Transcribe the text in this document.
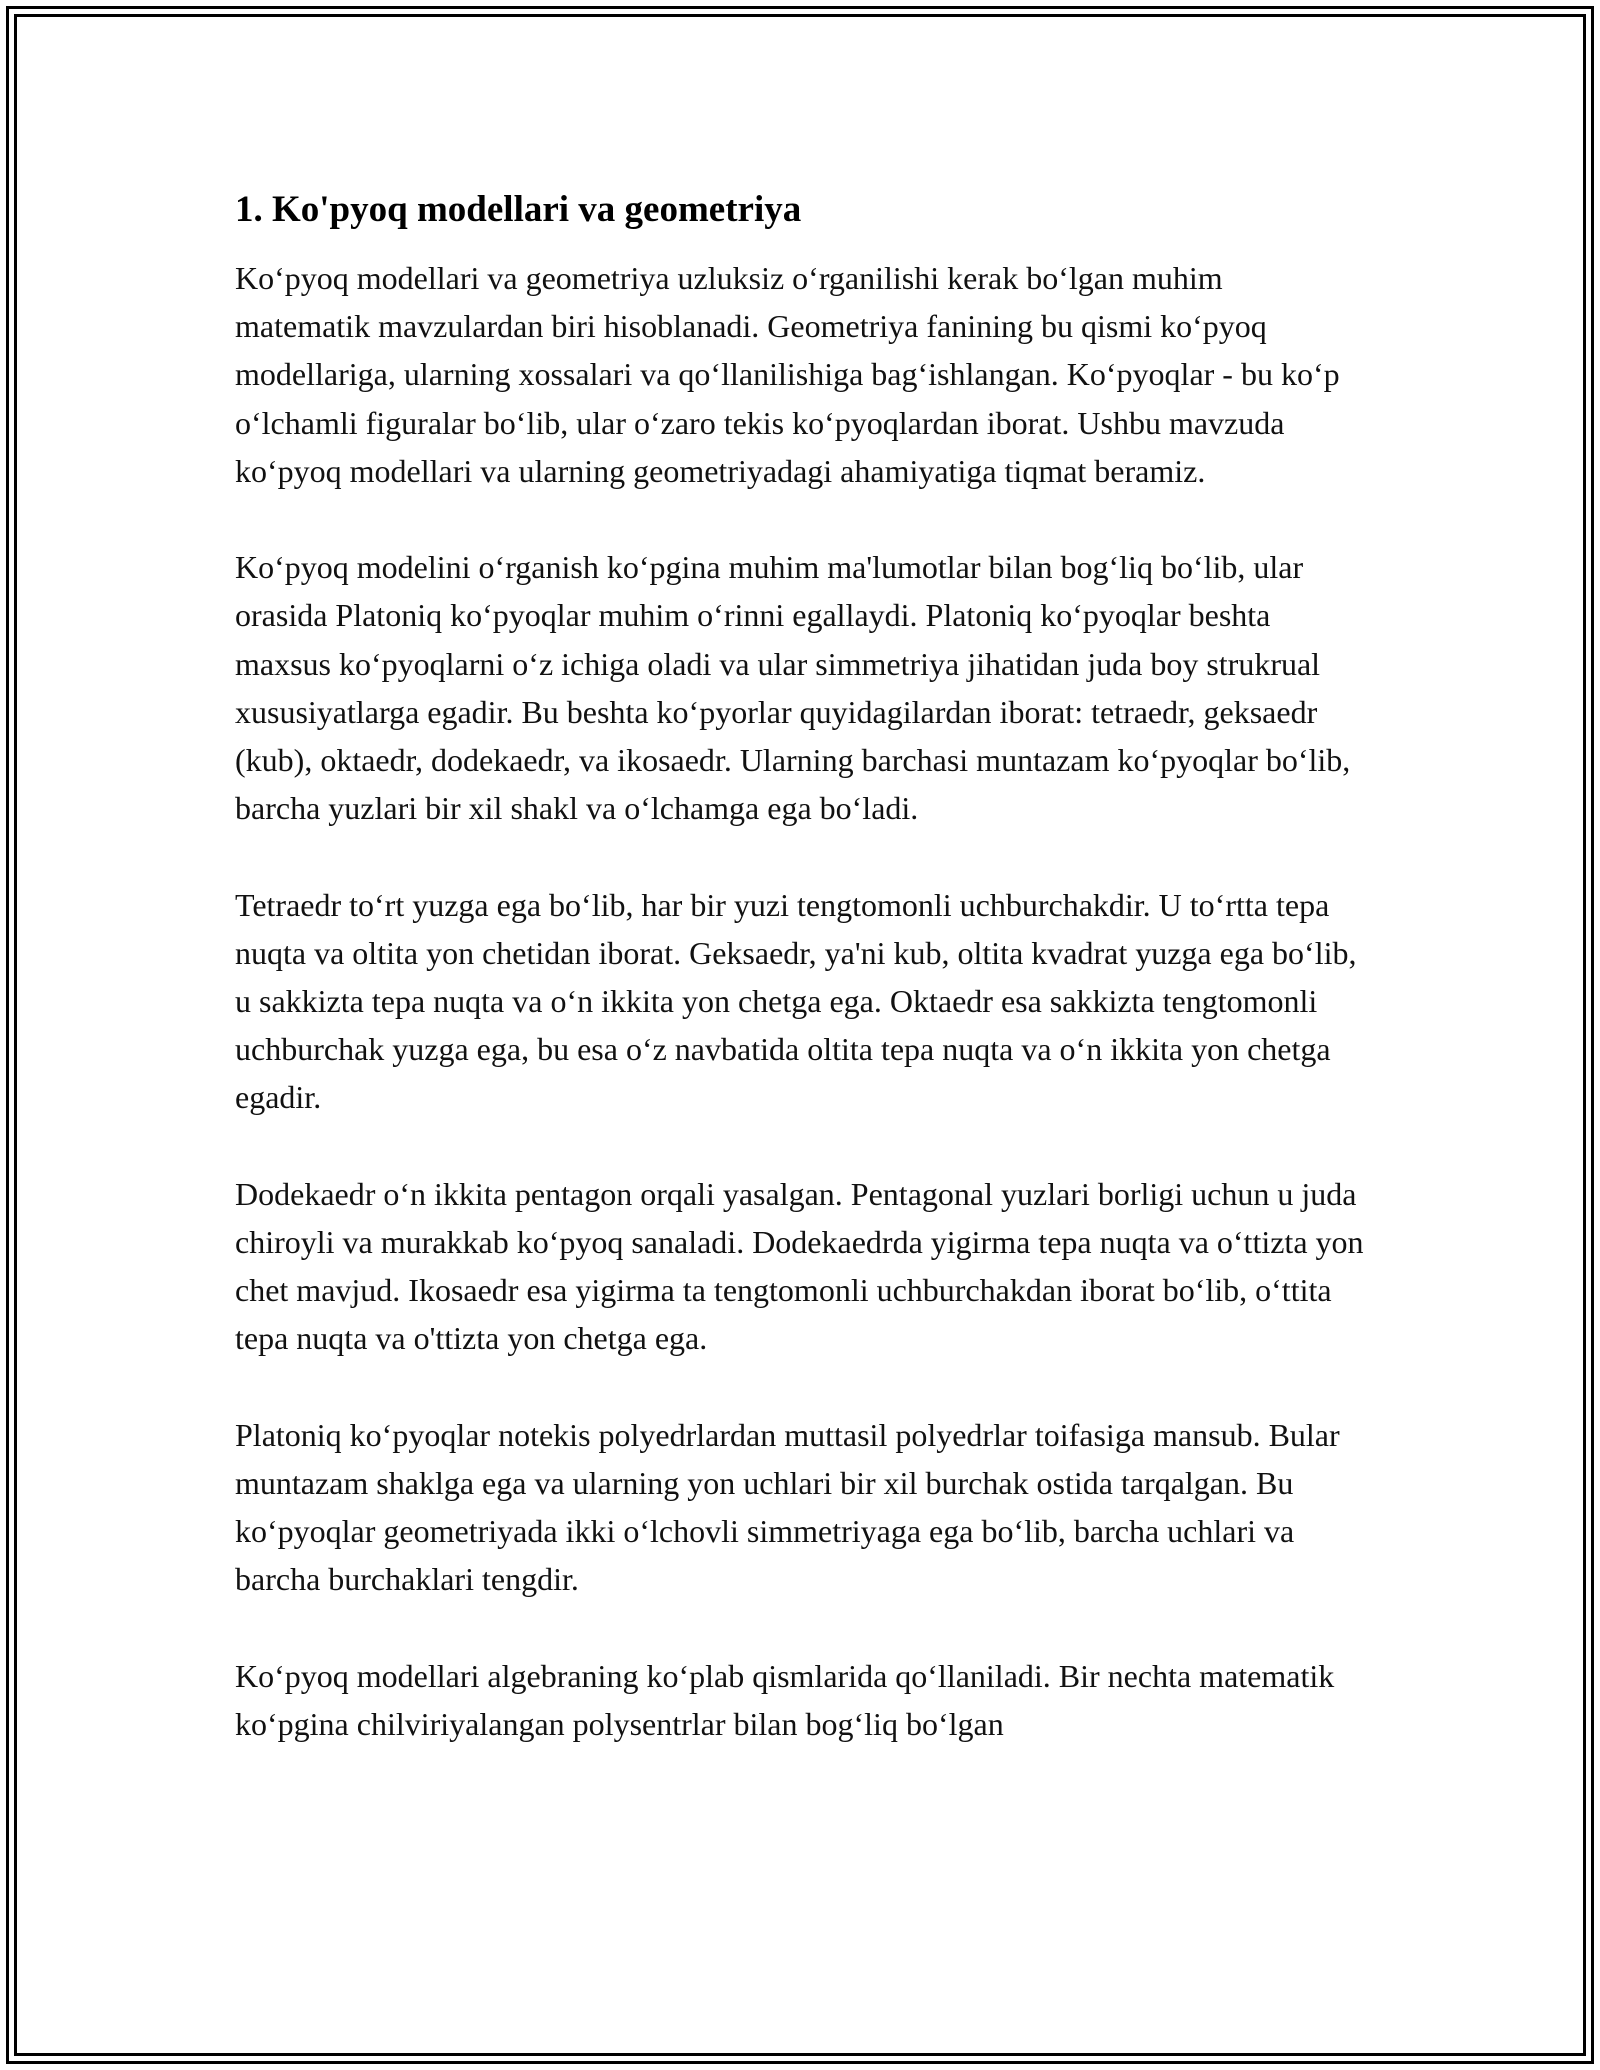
1. Ko'pyoq modellari va geometriya

Koʻpyoq modellari va geometriya uzluksiz oʻrganilishi kerak boʻlgan muhim matematik mavzulardan biri hisoblanadi. Geometriya fanining bu qismi koʻpyoq modellariga, ularning xossalari va qoʻllanilishiga bagʻishlangan. Koʻpyoqlar - bu koʻp oʻlchamli figuralar boʻlib, ular oʻzaro tekis koʻpyoqlardan iborat. Ushbu mavzuda koʻpyoq modellari va ularning geometriyadagi ahamiyatiga tiqmat beramiz.

Koʻpyoq modelini oʻrganish koʻpgina muhim ma'lumotlar bilan bogʻliq boʻlib, ular orasida Platoniq koʻpyoqlar muhim oʻrinni egallaydi. Platoniq koʻpyoqlar beshta maxsus koʻpyoqlarni oʻz ichiga oladi va ular simmetriya jihatidan juda boy strukrual xususiyatlarga egadir. Bu beshta koʻpyorlar quyidagilardan iborat: tetraedr, geksaedr (kub), oktaedr, dodekaedr, va ikosaedr. Ularning barchasi muntazam koʻpyoqlar boʻlib, barcha yuzlari bir xil shakl va oʻlchamga ega boʻladi.

Tetraedr toʻrt yuzga ega boʻlib, har bir yuzi tengtomonli uchburchakdir. U toʻrtta tepa nuqta va oltita yon chetidan iborat. Geksaedr, ya'ni kub, oltita kvadrat yuzga ega boʻlib, u sakkizta tepa nuqta va oʻn ikkita yon chetga ega. Oktaedr esa sakkizta tengtomonli uchburchak yuzga ega, bu esa oʻz navbatida oltita tepa nuqta va oʻn ikkita yon chetga egadir.

Dodekaedr oʻn ikkita pentagon orqali yasalgan. Pentagonal yuzlari borligi uchun u juda chiroyli va murakkab koʻpyoq sanaladi. Dodekaedrda yigirma tepa nuqta va oʻttizta yon chet mavjud. Ikosaedr esa yigirma ta tengtomonli uchburchakdan iborat boʻlib, oʻttita tepa nuqta va o'ttizta yon chetga ega.

Platoniq koʻpyoqlar notekis polyedrlardan muttasil polyedrlar toifasiga mansub. Bular muntazam shaklga ega va ularning yon uchlari bir xil burchak ostida tarqalgan. Bu koʻpyoqlar geometriyada ikki oʻlchovli simmetriyaga ega boʻlib, barcha uchlari va barcha burchaklari tengdir.

Koʻpyoq modellari algebraning koʻplab qismlarida qoʻllaniladi. Bir nechta matematik koʻpgina chilviriyalangan polysentrlar bilan bogʻliq boʻlgan
